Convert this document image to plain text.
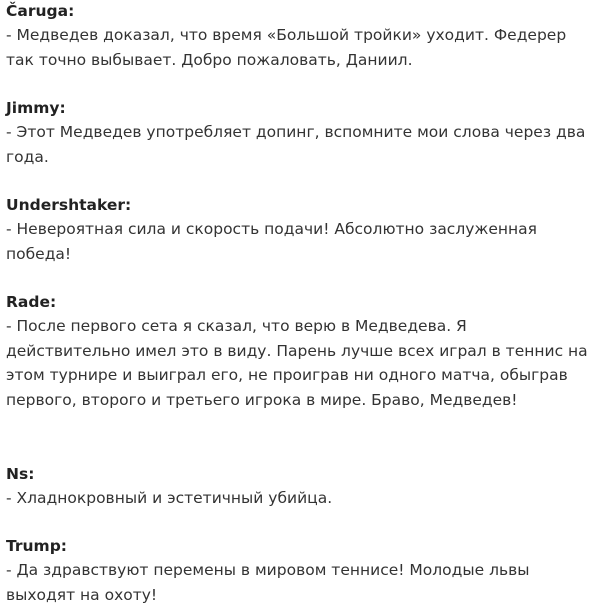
Čaruga:
- Медведев доказал, что время «Большой тройки» уходит. Федерер так точно выбывает. Добро пожаловать, Даниил.
Jimmy:
- Этот Медведев употребляет допинг, вспомните мои слова через два года.
Undershtaker:
- Невероятная сила и скорость подачи! Абсолютно заслуженная победа!
Rade:
- После первого сета я сказал, что верю в Медведева. Я действительно имел это в виду. Парень лучше всех играл в теннис на этом турнире и выиграл его, не проиграв ни одного матча, обыграв первого, второго и третьего игрока в мире. Браво, Медведев!
Ns:
- Хладнокровный и эстетичный убийца.
Trump:
- Да здравствуют перемены в мировом теннисе! Молодые львы выходят на охоту!
